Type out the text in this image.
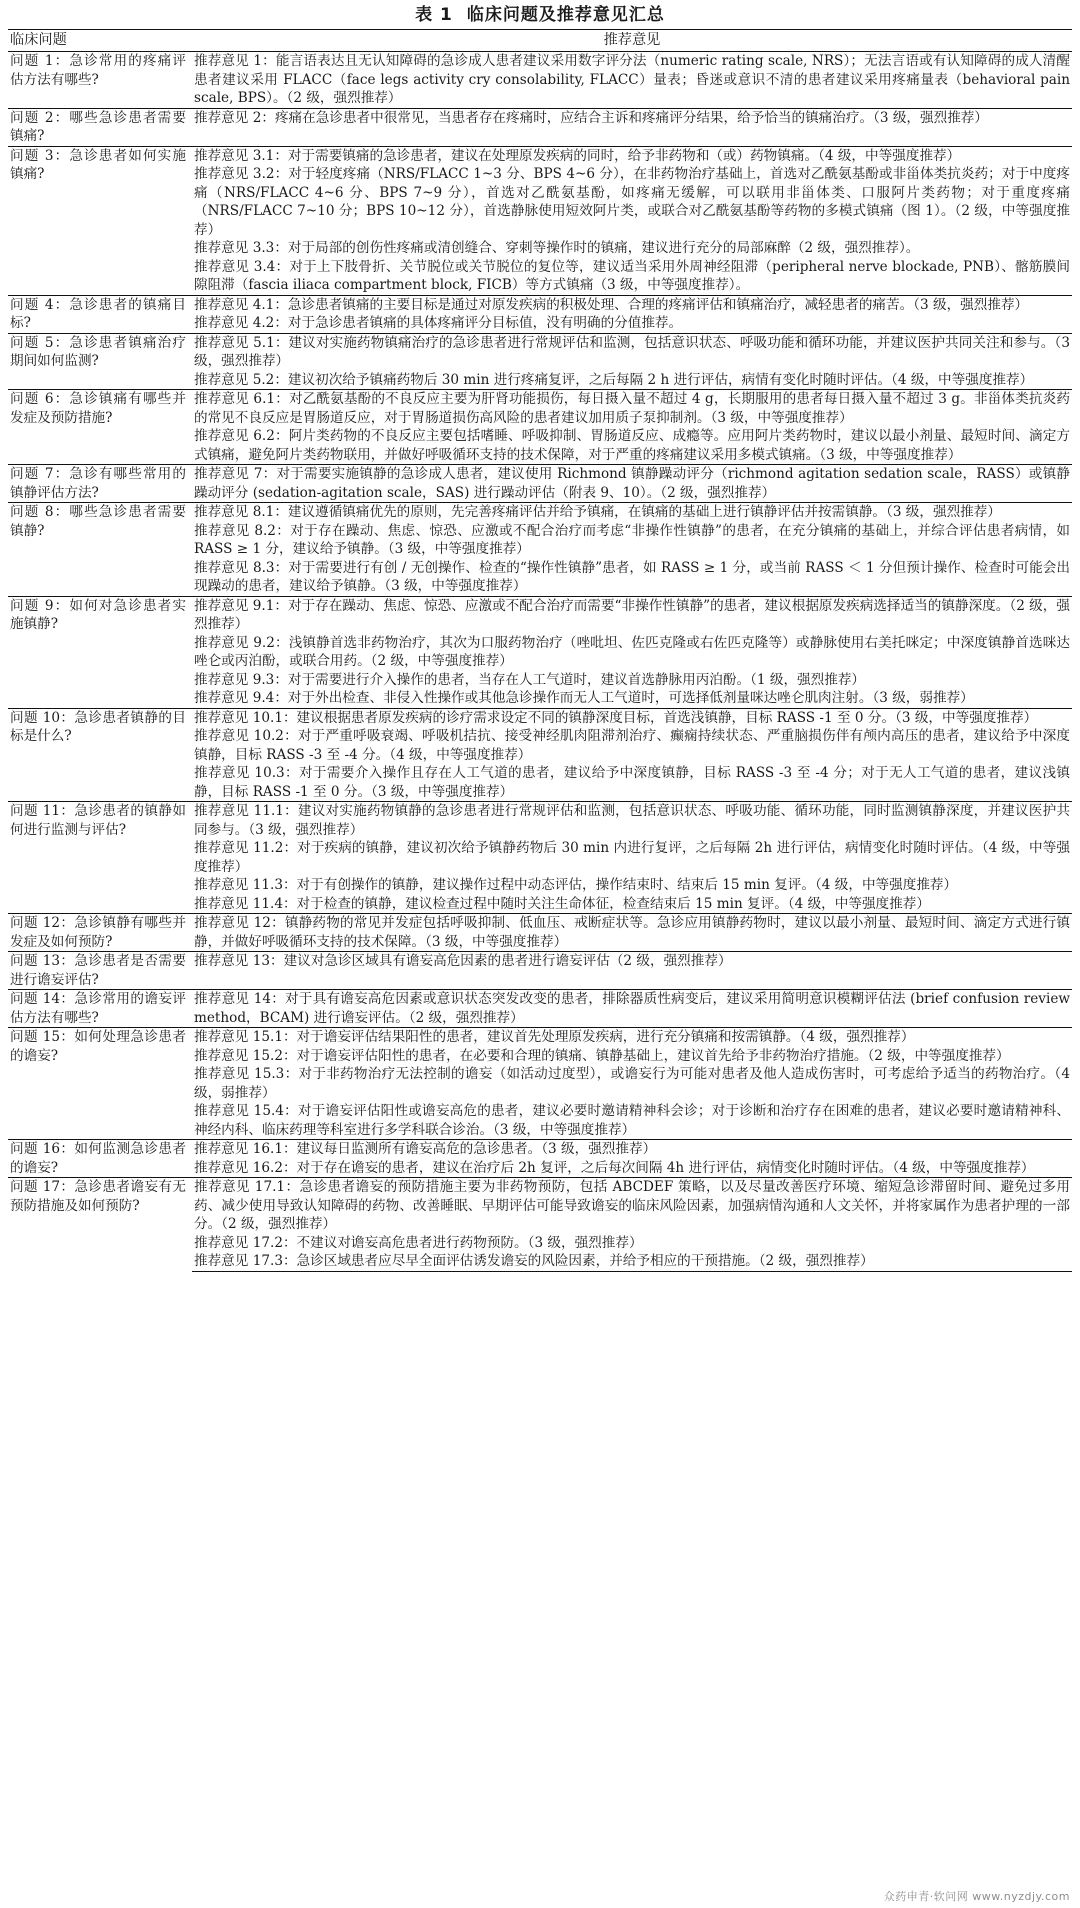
表 1 临床问题及推荐意见汇总
临床问题	推荐意见
问题 1：急诊常用的疼痛评估方法有哪些?	推荐意见 1：能言语表达且无认知障碍的急诊成人患者建议采用数字评分法（numeric rating scale, NRS）；无法言语或有认知障碍的成人清醒患者建议采用 FLACC（face legs activity cry consolability, FLACC）量表；昏迷或意识不清的患者建议采用疼痛量表（behavioral pain scale, BPS）。（2 级，强烈推荐）
问题 2：哪些急诊患者需要镇痛?	推荐意见 2：疼痛在急诊患者中很常见，当患者存在疼痛时，应结合主诉和疼痛评分结果，给予恰当的镇痛治疗。（3 级，强烈推荐）
问题 3：急诊患者如何实施镇痛?	推荐意见 3.1：对于需要镇痛的急诊患者，建议在处理原发疾病的同时，给予非药物和（或）药物镇痛。（4 级，中等强度推荐）
	推荐意见 3.2：对于轻度疼痛（NRS/FLACC 1~3 分、BPS 4~6 分），在非药物治疗基础上，首选对乙酰氨基酚或非甾体类抗炎药；对于中度疼痛（NRS/FLACC 4~6 分、BPS 7~9 分），首选对乙酰氨基酚，如疼痛无缓解，可以联用非甾体类、口服阿片类药物；对于重度疼痛（NRS/FLACC 7~10 分；BPS 10~12 分），首选静脉使用短效阿片类，或联合对乙酰氨基酚等药物的多模式镇痛（图 1）。（2 级，中等强度推荐）
	推荐意见 3.3：对于局部的创伤性疼痛或清创缝合、穿刺等操作时的镇痛，建议进行充分的局部麻醉（2 级，强烈推荐）。
	推荐意见 3.4：对于上下肢骨折、关节脱位或关节脱位的复位等，建议适当采用外周神经阻滞（peripheral nerve blockade, PNB）、髂筋膜间隙阻滞（fascia iliaca compartment block, FICB）等方式镇痛（3 级，中等强度推荐）。
问题 4：急诊患者的镇痛目标?	推荐意见 4.1：急诊患者镇痛的主要目标是通过对原发疾病的积极处理、合理的疼痛评估和镇痛治疗，减轻患者的痛苦。（3 级，强烈推荐）
	推荐意见 4.2：对于急诊患者镇痛的具体疼痛评分目标值，没有明确的分值推荐。
问题 5：急诊患者镇痛治疗期间如何监测?	推荐意见 5.1：建议对实施药物镇痛治疗的急诊患者进行常规评估和监测，包括意识状态、呼吸功能和循环功能，并建议医护共同关注和参与。（3 级，强烈推荐）
	推荐意见 5.2：建议初次给予镇痛药物后 30 min 进行疼痛复评，之后每隔 2 h 进行评估，病情有变化时随时评估。（4 级，中等强度推荐）
问题 6：急诊镇痛有哪些并发症及预防措施?	推荐意见 6.1：对乙酰氨基酚的不良反应主要为肝肾功能损伤，每日摄入量不超过 4 g，长期服用的患者每日摄入量不超过 3 g。非甾体类抗炎药的常见不良反应是胃肠道反应，对于胃肠道损伤高风险的患者建议加用质子泵抑制剂。（3 级，中等强度推荐）
	推荐意见 6.2：阿片类药物的不良反应主要包括嗜睡、呼吸抑制、胃肠道反应、成瘾等。应用阿片类药物时，建议以最小剂量、最短时间、滴定方式镇痛，避免阿片类药物联用，并做好呼吸循环支持的技术保障，对于严重的疼痛建议采用多模式镇痛。（3 级，中等强度推荐）
问题 7：急诊有哪些常用的镇静评估方法?	推荐意见 7：对于需要实施镇静的急诊成人患者，建议使用 Richmond 镇静躁动评分（richmond agitation sedation scale，RASS）或镇静躁动评分 (sedation-agitation scale，SAS) 进行躁动评估（附表 9、10）。（2 级，强烈推荐）
问题 8：哪些急诊患者需要镇静?	推荐意见 8.1：建议遵循镇痛优先的原则，先完善疼痛评估并给予镇痛，在镇痛的基础上进行镇静评估并按需镇静。（3 级，强烈推荐）
	推荐意见 8.2：对于存在躁动、焦虑、惊恐、应激或不配合治疗而考虑“非操作性镇静”的患者，在充分镇痛的基础上，并综合评估患者病情，如 RASS ≥ 1 分，建议给予镇静。（3 级，中等强度推荐）
	推荐意见 8.3：对于需要进行有创 / 无创操作、检查的“操作性镇静”患者，如 RASS ≥ 1 分，或当前 RASS ＜ 1 分但预计操作、检查时可能会出现躁动的患者，建议给予镇静。（3 级，中等强度推荐）
问题 9：如何对急诊患者实施镇静?	推荐意见 9.1：对于存在躁动、焦虑、惊恐、应激或不配合治疗而需要“非操作性镇静”的患者，建议根据原发疾病选择适当的镇静深度。（2 级，强烈推荐）
	推荐意见 9.2：浅镇静首选非药物治疗，其次为口服药物治疗（唑吡坦、佐匹克隆或右佐匹克隆等）或静脉使用右美托咪定；中深度镇静首选咪达唑仑或丙泊酚，或联合用药。（2 级，中等强度推荐）
	推荐意见 9.3：对于需要进行介入操作的患者，当存在人工气道时，建议首选静脉用丙泊酚。（1 级，强烈推荐）
	推荐意见 9.4：对于外出检查、非侵入性操作或其他急诊操作而无人工气道时，可选择低剂量咪达唑仑肌肉注射。（3 级，弱推荐）
问题 10：急诊患者镇静的目标是什么?	推荐意见 10.1：建议根据患者原发疾病的诊疗需求设定不同的镇静深度目标，首选浅镇静，目标 RASS -1 至 0 分。（3 级，中等强度推荐）
	推荐意见 10.2：对于严重呼吸衰竭、呼吸机拮抗、接受神经肌肉阻滞剂治疗、癫痫持续状态、严重脑损伤伴有颅内高压的患者，建议给予中深度镇静，目标 RASS -3 至 -4 分。（4 级，中等强度推荐）
	推荐意见 10.3：对于需要介入操作且存在人工气道的患者，建议给予中深度镇静，目标 RASS -3 至 -4 分；对于无人工气道的患者，建议浅镇静，目标 RASS -1 至 0 分。（3 级，中等强度推荐）
问题 11：急诊患者的镇静如何进行监测与评估?	推荐意见 11.1：建议对实施药物镇静的急诊患者进行常规评估和监测，包括意识状态、呼吸功能、循环功能，同时监测镇静深度，并建议医护共同参与。（3 级，强烈推荐）
	推荐意见 11.2：对于疾病的镇静，建议初次给予镇静药物后 30 min 内进行复评，之后每隔 2h 进行评估，病情变化时随时评估。（4 级，中等强度推荐）
	推荐意见 11.3：对于有创操作的镇静，建议操作过程中动态评估，操作结束时、结束后 15 min 复评。（4 级，中等强度推荐）
	推荐意见 11.4：对于检查的镇静，建议检查过程中随时关注生命体征，检查结束后 15 min 复评。（4 级，中等强度推荐）
问题 12：急诊镇静有哪些并发症及如何预防?	推荐意见 12：镇静药物的常见并发症包括呼吸抑制、低血压、戒断症状等。急诊应用镇静药物时，建议以最小剂量、最短时间、滴定方式进行镇静，并做好呼吸循环支持的技术保障。（3 级，中等强度推荐）
问题 13：急诊患者是否需要进行谵妄评估?	推荐意见 13：建议对急诊区域具有谵妄高危因素的患者进行谵妄评估（2 级，强烈推荐）
问题 14：急诊常用的谵妄评估方法有哪些?	推荐意见 14：对于具有谵妄高危因素或意识状态突发改变的患者，排除器质性病变后，建议采用简明意识模糊评估法 (brief confusion review method，BCAM) 进行谵妄评估。（2 级，强烈推荐）
问题 15：如何处理急诊患者的谵妄?	推荐意见 15.1：对于谵妄评估结果阳性的患者，建议首先处理原发疾病，进行充分镇痛和按需镇静。（4 级，强烈推荐）
	推荐意见 15.2：对于谵妄评估阳性的患者，在必要和合理的镇痛、镇静基础上，建议首先给予非药物治疗措施。（2 级，中等强度推荐）
	推荐意见 15.3：对于非药物治疗无法控制的谵妄（如活动过度型），或谵妄行为可能对患者及他人造成伤害时，可考虑给予适当的药物治疗。（4 级，弱推荐）
	推荐意见 15.4：对于谵妄评估阳性或谵妄高危的患者，建议必要时邀请精神科会诊；对于诊断和治疗存在困难的患者，建议必要时邀请精神科、神经内科、临床药理等科室进行多学科联合诊治。（3 级，中等强度推荐）
问题 16：如何监测急诊患者的谵妄?	推荐意见 16.1：建议每日监测所有谵妄高危的急诊患者。（3 级，强烈推荐）
	推荐意见 16.2：对于存在谵妄的患者，建议在治疗后 2h 复评，之后每次间隔 4h 进行评估，病情变化时随时评估。（4 级，中等强度推荐）
问题 17：急诊患者谵妄有无预防措施及如何预防?	推荐意见 17.1：急诊患者谵妄的预防措施主要为非药物预防，包括 ABCDEF 策略，以及尽量改善医疗环境、缩短急诊滞留时间、避免过多用药、减少使用导致认知障碍的药物、改善睡眠、早期评估可能导致谵妄的临床风险因素，加强病情沟通和人文关怀，并将家属作为患者护理的一部分。（2 级，强烈推荐）
	推荐意见 17.2：不建议对谵妄高危患者进行药物预防。（3 级，强烈推荐）
	推荐意见 17.3：急诊区域患者应尽早全面评估诱发谵妄的风险因素，并给予相应的干预措施。（2 级，强烈推荐）
众药申青·软问网 www.nyzdjy.com
